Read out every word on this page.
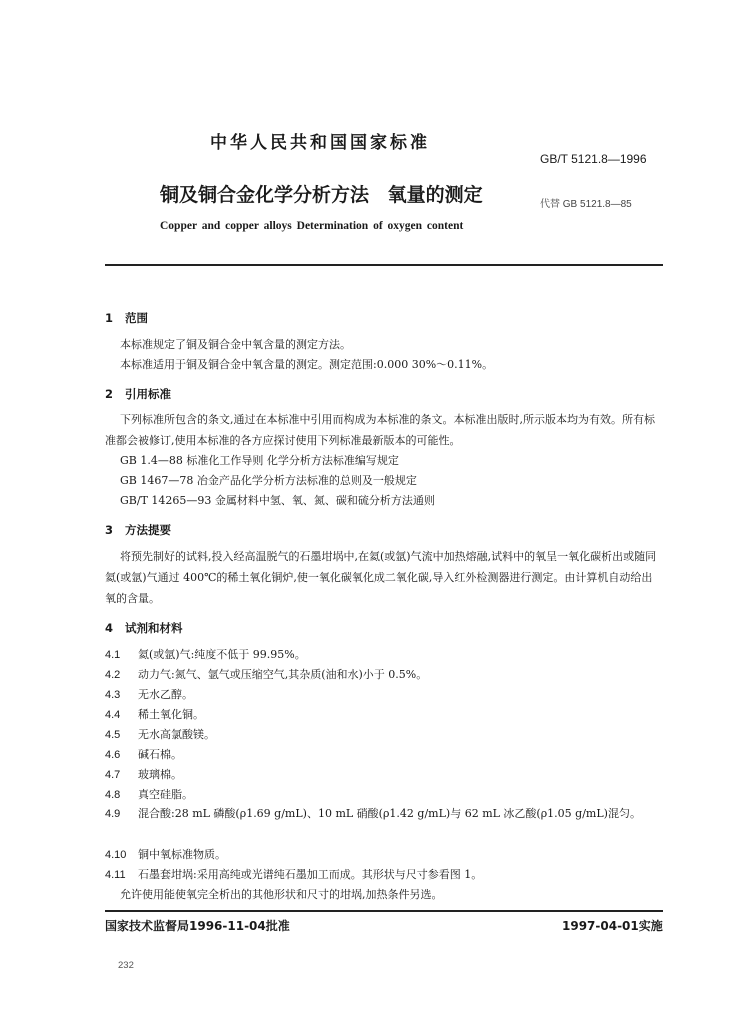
中华人民共和国国家标准
GB/T 5121.8—1996
铜及铜合金化学分析方法 氧量的测定	代替 GB 5121.8—85
Copper and copper alloys Determination of oxygen content
1 范围
本标准规定了铜及铜合金中氧含量的测定方法。
本标准适用于铜及铜合金中氧含量的测定。测定范围:0.000 30%～0.11%。
2 引用标准
下列标准所包含的条文,通过在本标准中引用而构成为本标准的条文。本标准出版时,所示版本均为有效。所有标准都会被修订,使用本标准的各方应探讨使用下列标准最新版本的可能性。
GB 1.4—88 标准化工作导则 化学分析方法标准编写规定
GB 1467—78 冶金产品化学分析方法标准的总则及一般规定
GB/T 14265—93 金属材料中氢、氧、氮、碳和硫分析方法通则
3 方法提要
将预先制好的试料,投入经高温脱气的石墨坩埚中,在氦(或氩)气流中加热熔融,试料中的氧呈一氧化碳析出或随同氦(或氩)气通过 400℃的稀土氧化铜炉,使一氧化碳氧化成二氧化碳,导入红外检测器进行测定。由计算机自动给出氧的含量。
4 试剂和材料
4.1 氦(或氩)气:纯度不低于 99.95%。
4.2 动力气:氮气、氩气或压缩空气,其杂质(油和水)小于 0.5%。
4.3 无水乙醇。
4.4 稀土氧化铜。
4.5 无水高氯酸镁。
4.6 碱石棉。
4.7 玻璃棉。
4.8 真空硅脂。
4.9 混合酸:28 mL 磷酸(ρ1.69 g/mL)、10 mL 硝酸(ρ1.42 g/mL)与 62 mL 冰乙酸(ρ1.05 g/mL)混匀。
4.10 铜中氧标准物质。
4.11 石墨套坩埚:采用高纯或光谱纯石墨加工而成。其形状与尺寸参看图 1。
允许使用能使氧完全析出的其他形状和尺寸的坩埚,加热条件另选。
国家技术监督局1996-11-04批准	1997-04-01实施
232
